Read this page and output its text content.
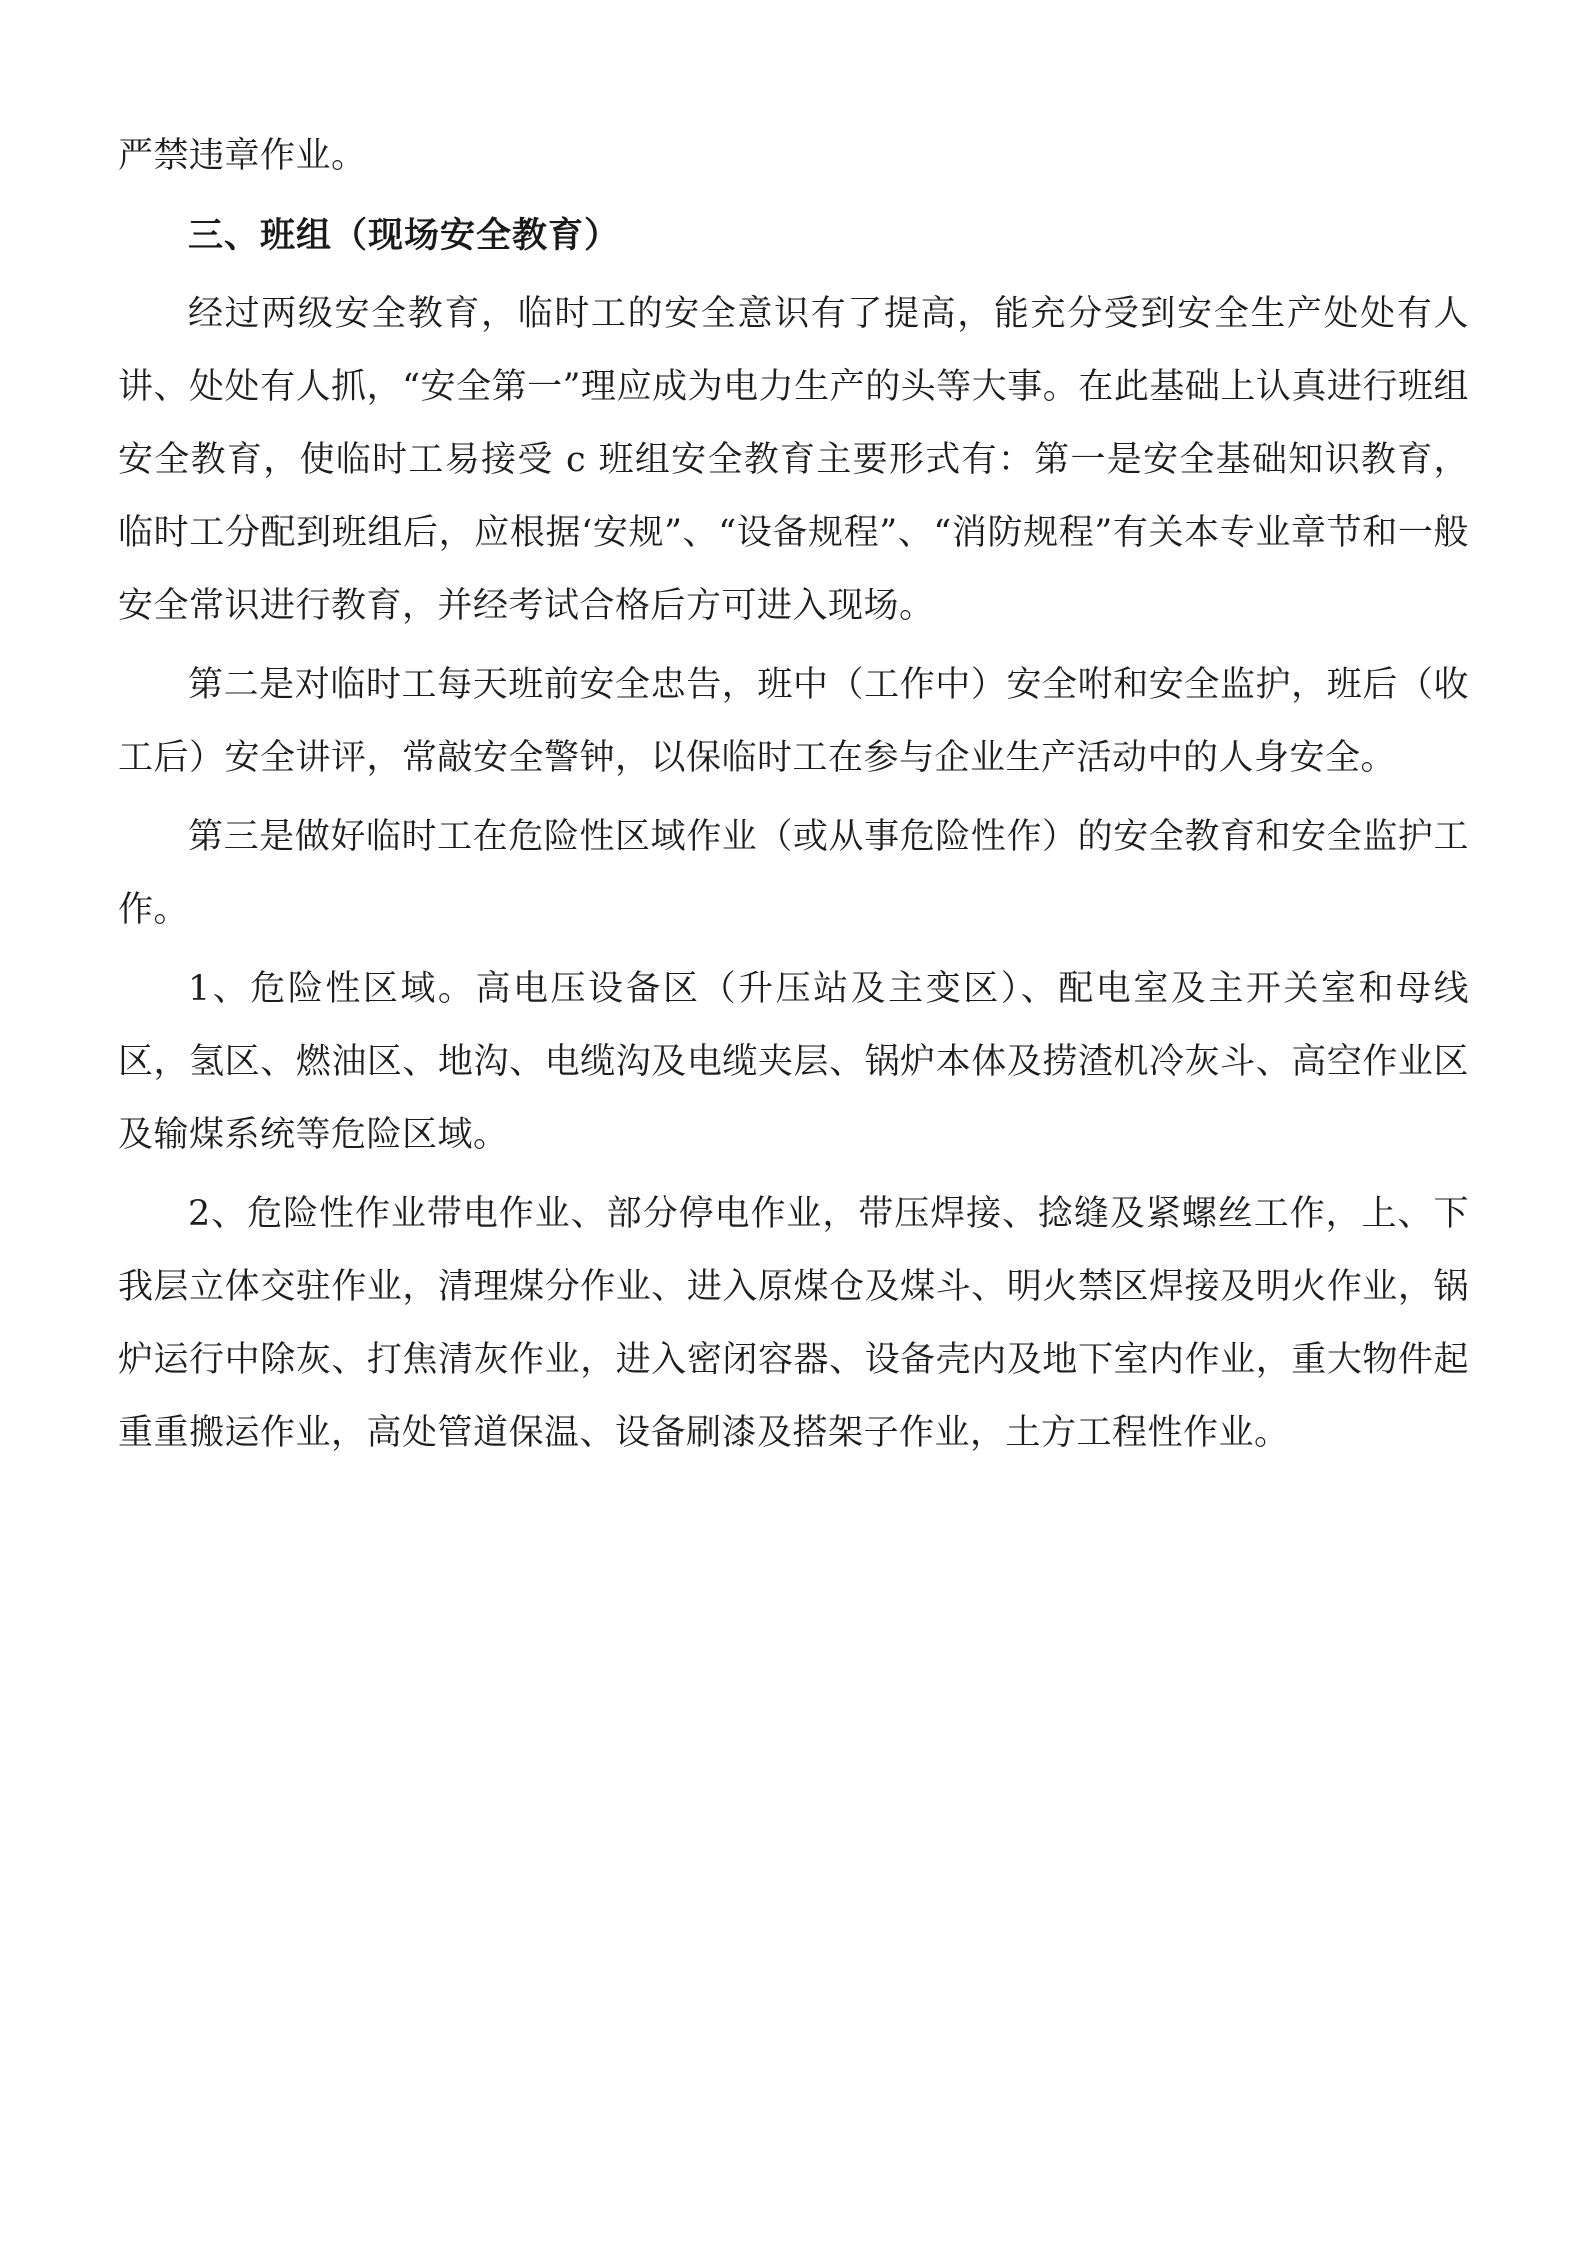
严禁违章作业。

三、班组（现场安全教育）

经过两级安全教育，临时工的安全意识有了提高，能充分受到安全生产处处有人讲、处处有人抓，“安全第一”理应成为电力生产的头等大事。在此基础上认真进行班组安全教育，使临时工易接受 c 班组安全教育主要形式有：第一是安全基础知识教育，临时工分配到班组后，应根据‘安规”、“设备规程”、“消防规程”有关本专业章节和一般安全常识进行教育，并经考试合格后方可进入现场。

第二是对临时工每天班前安全忠告，班中（工作中）安全咐和安全监护，班后（收工后）安全讲评，常敲安全警钟，以保临时工在参与企业生产活动中的人身安全。

第三是做好临时工在危险性区域作业（或从事危险性作）的安全教育和安全监护工作。

1、危险性区域。高电压设备区（升压站及主变区）、配电室及主开关室和母线区，氢区、燃油区、地沟、电缆沟及电缆夹层、锅炉本体及捞渣机冷灰斗、高空作业区及输煤系统等危险区域。

2、危险性作业带电作业、部分停电作业，带压焊接、捻缝及紧螺丝工作，上、下我层立体交驻作业，清理煤分作业、进入原煤仓及煤斗、明火禁区焊接及明火作业，锅炉运行中除灰、打焦清灰作业，进入密闭容器、设备壳内及地下室内作业，重大物件起重重搬运作业，高处管道保温、设备刷漆及搭架子作业，土方工程性作业。
